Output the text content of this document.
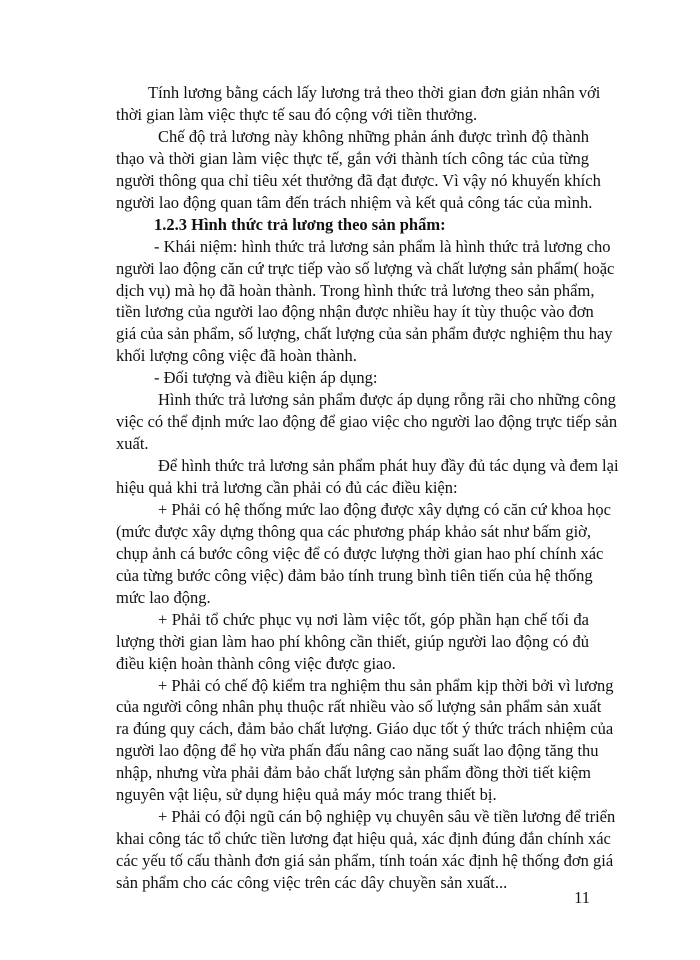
Tính lương bằng cách lấy lương trả theo thời gian đơn giản nhân với
thời gian làm việc thực tế sau đó cộng với tiền thưởng.
Chế độ trả lương này không những phản ánh được trình độ thành
thạo và thời gian làm việc thực tế, gắn với thành tích công tác của từng
người thông qua chỉ tiêu xét thưởng đã đạt được. Vì vậy nó khuyến khích
người lao động quan tâm đến trách nhiệm và kết quả công tác của mình.
1.2.3 Hình thức trả lương theo sản phẩm:
- Khái niệm: hình thức trả lương sản phẩm là hình thức trả lương cho
người lao động căn cứ trực tiếp vào số lượng và chất lượng sản phẩm( hoặc
dịch vụ) mà họ đã hoàn thành. Trong hình thức trả lương theo sản phẩm,
tiền lương của người lao động nhận được nhiều hay ít tùy thuộc vào đơn
giá của sản phẩm, số lượng, chất lượng của sản phẩm được nghiệm thu hay
khối lượng công việc đã hoàn thành.
- Đối tượng và điều kiện áp dụng:
Hình thức trả lương sản phẩm được áp dụng rỗng rãi cho những công
việc có thể định mức lao động để giao việc cho người lao động trực tiếp sản
xuất.
Để hình thức trả lương sản phẩm phát huy đầy đủ tác dụng và đem lại
hiệu quả khi trả lương cần phải có đủ các điều kiện:
+ Phải có hệ thống mức lao động được xây dựng có căn cứ khoa học
(mức được xây dựng thông qua các phương pháp khảo sát như bấm giờ,
chụp ảnh cá bước công việc để có được lượng thời gian hao phí chính xác
của từng bước công việc) đảm bảo tính trung bình tiên tiến của hệ thống
mức lao động.
+ Phải tổ chức phục vụ nơi làm việc tốt, góp phần hạn chế tối đa
lượng thời gian làm hao phí không cần thiết, giúp người lao động có đủ
điều kiện hoàn thành công việc được giao.
+ Phải có chế độ kiểm tra nghiệm thu sản phẩm kịp thời bởi vì lương
của người công nhân phụ thuộc rất nhiều vào số lượng sản phẩm sản xuất
ra đúng quy cách, đảm bảo chất lượng. Giáo dục tốt ý thức trách nhiệm của
người lao động để họ vừa phấn đấu nâng cao năng suất lao động tăng thu
nhập, nhưng vừa phải đảm bảo chất lượng sản phẩm đồng thời tiết kiệm
nguyên vật liệu, sử dụng hiệu quả máy móc trang thiết bị.
+ Phải có đội ngũ cán bộ nghiệp vụ chuyên sâu về tiền lương để triển
khai công tác tổ chức tiền lương đạt hiệu quả, xác định đúng đắn chính xác
các yếu tố cấu thành đơn giá sản phẩm, tính toán xác định hệ thống đơn giá
sản phẩm cho các công việc trên các dây chuyền sản xuất...
11
